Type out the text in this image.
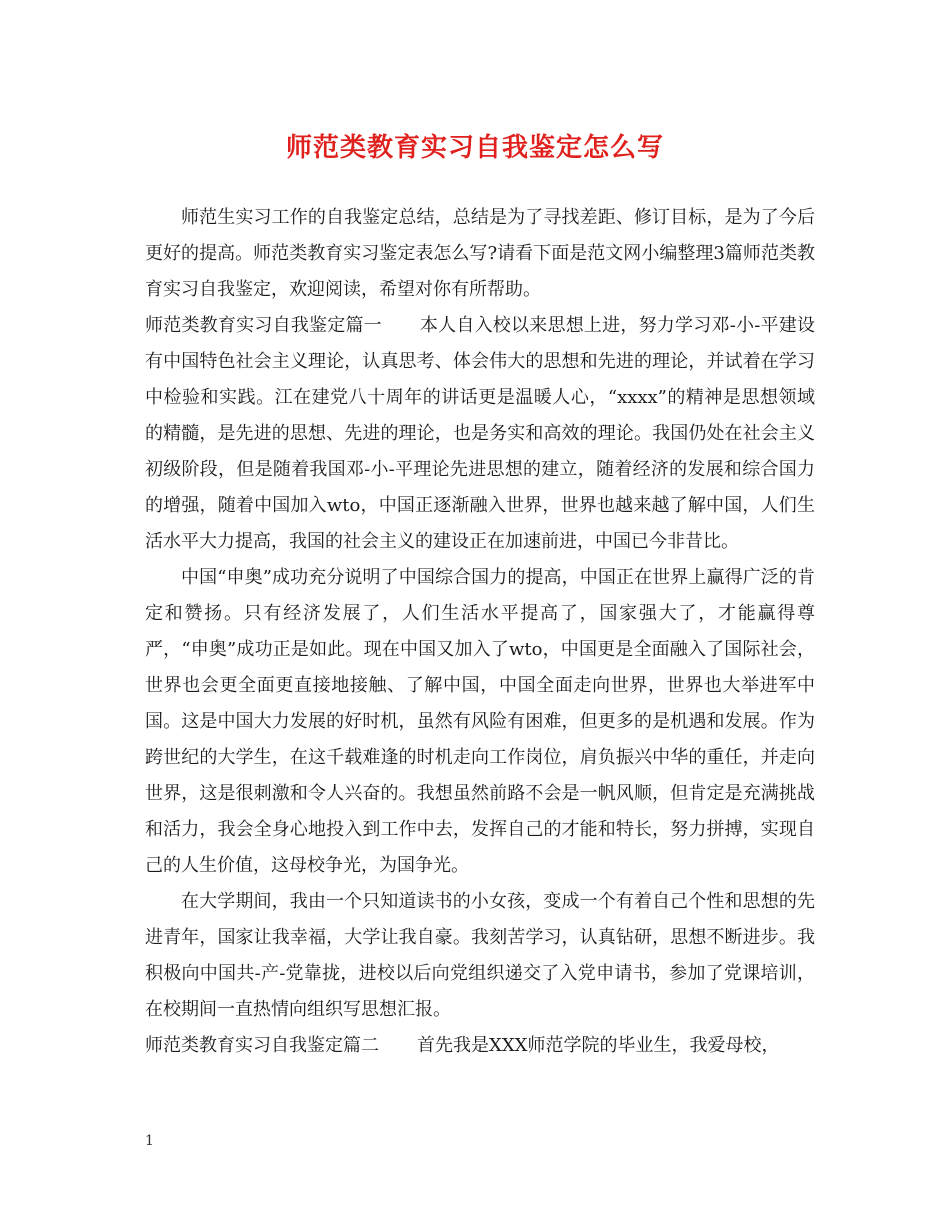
师范类教育实习自我鉴定怎么写

师范生实习工作的自我鉴定总结，总结是为了寻找差距、修订目标，是为了今后更好的提高。师范类教育实习鉴定表怎么写?请看下面是范文网小编整理3篇师范类教育实习自我鉴定，欢迎阅读，希望对你有所帮助。

师范类教育实习自我鉴定篇一 本人自入校以来思想上进，努力学习邓-小-平建设有中国特色社会主义理论，认真思考、体会伟大的思想和先进的理论，并试着在学习中检验和实践。江在建党八十周年的讲话更是温暖人心，“xxxx”的精神是思想领域的精髓，是先进的思想、先进的理论，也是务实和高效的理论。我国仍处在社会主义初级阶段，但是随着我国邓-小-平理论先进思想的建立，随着经济的发展和综合国力的增强，随着中国加入wto，中国正逐渐融入世界，世界也越来越了解中国，人们生活水平大力提高，我国的社会主义的建设正在加速前进，中国已今非昔比。

中国“申奥”成功充分说明了中国综合国力的提高，中国正在世界上赢得广泛的肯定和赞扬。只有经济发展了，人们生活水平提高了，国家强大了，才能赢得尊严，“申奥”成功正是如此。现在中国又加入了wto，中国更是全面融入了国际社会，世界也会更全面更直接地接触、了解中国，中国全面走向世界，世界也大举进军中国。这是中国大力发展的好时机，虽然有风险有困难，但更多的是机遇和发展。作为跨世纪的大学生，在这千载难逢的时机走向工作岗位，肩负振兴中华的重任，并走向世界，这是很刺激和令人兴奋的。我想虽然前路不会是一帆风顺，但肯定是充满挑战和活力，我会全身心地投入到工作中去，发挥自己的才能和特长，努力拼搏，实现自己的人生价值，这母校争光，为国争光。

在大学期间，我由一个只知道读书的小女孩，变成一个有着自己个性和思想的先进青年，国家让我幸福，大学让我自豪。我刻苦学习，认真钻研，思想不断进步。我积极向中国共-产-党靠拢，进校以后向党组织递交了入党申请书，参加了党课培训，在校期间一直热情向组织写思想汇报。

师范类教育实习自我鉴定篇二 首先我是XXX师范学院的毕业生，我爱母校，

1
